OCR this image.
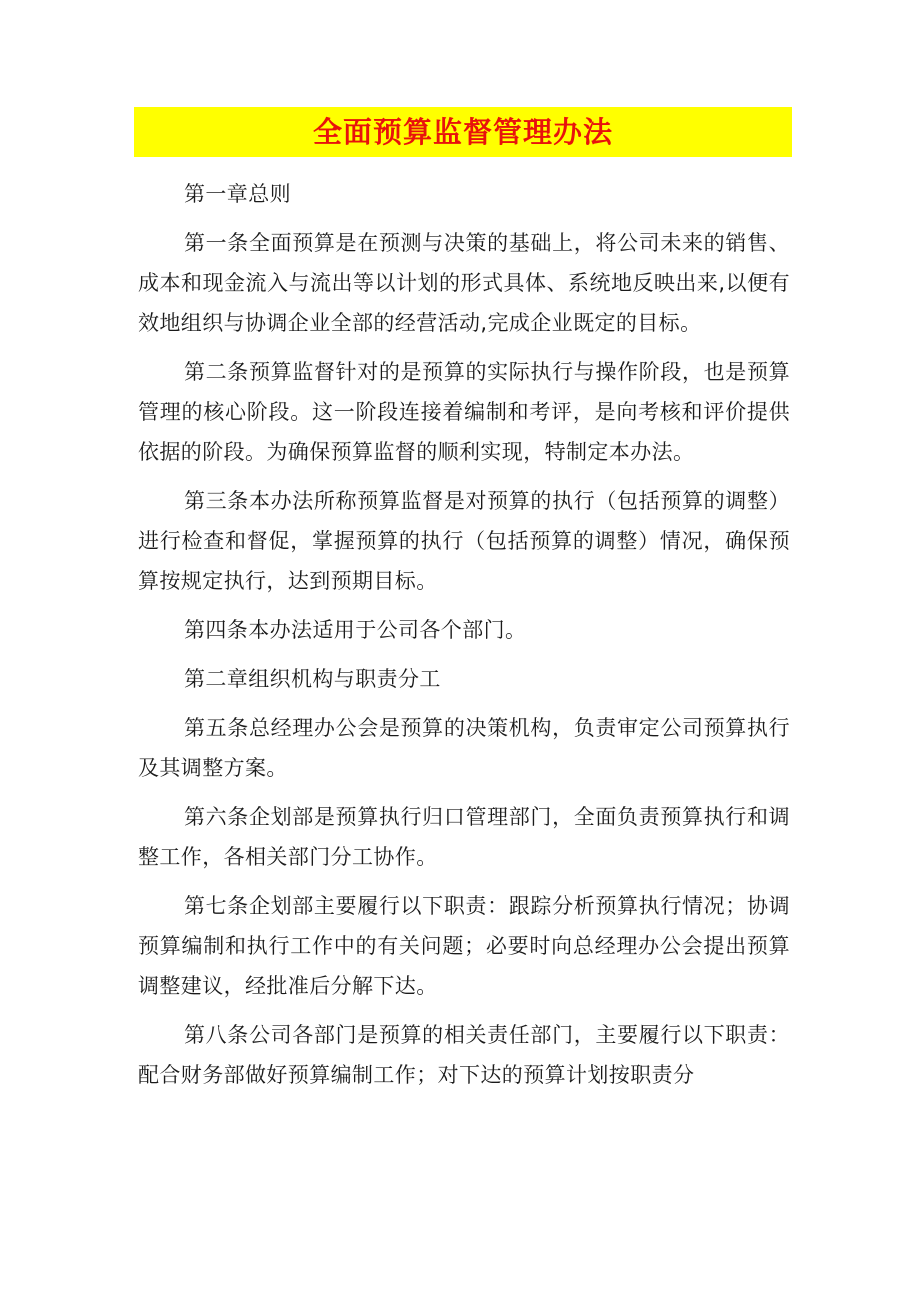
全面预算监督管理办法

第一章总则

第一条全面预算是在预测与决策的基础上，将公司未来的销售、成本和现金流入与流出等以计划的形式具体、系统地反映出来,以便有效地组织与协调企业全部的经营活动,完成企业既定的目标。

第二条预算监督针对的是预算的实际执行与操作阶段，也是预算管理的核心阶段。这一阶段连接着编制和考评，是向考核和评价提供依据的阶段。为确保预算监督的顺利实现，特制定本办法。

第三条本办法所称预算监督是对预算的执行（包括预算的调整）进行检查和督促，掌握预算的执行（包括预算的调整）情况，确保预算按规定执行，达到预期目标。

第四条本办法适用于公司各个部门。

第二章组织机构与职责分工

第五条总经理办公会是预算的决策机构，负责审定公司预算执行及其调整方案。

第六条企划部是预算执行归口管理部门，全面负责预算执行和调整工作，各相关部门分工协作。

第七条企划部主要履行以下职责：跟踪分析预算执行情况；协调预算编制和执行工作中的有关问题；必要时向总经理办公会提出预算调整建议，经批准后分解下达。

第八条公司各部门是预算的相关责任部门，主要履行以下职责：配合财务部做好预算编制工作；对下达的预算计划按职责分
